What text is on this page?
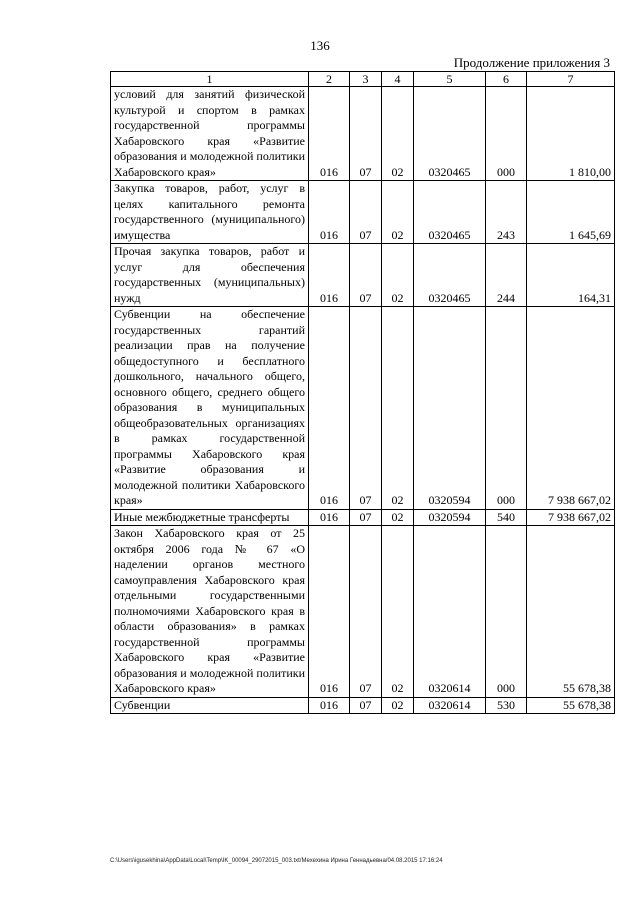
136
Продолжение приложения 3
1	2	3	4	5	6	7
условий для занятий физической культурой и спортом в рамках государственной программы Хабаровского края «Развитие образования и молодежной политики Хабаровского края»	016	07	02	0320465	000	1 810,00
Закупка товаров, работ, услуг в целях капитального ремонта государственного (муниципального) имущества	016	07	02	0320465	243	1 645,69
Прочая закупка товаров, работ и услуг для обеспечения государственных (муниципальных) нужд	016	07	02	0320465	244	164,31
Субвенции на обеспечение государственных гарантий реализации прав на получение общедоступного и бесплатного дошкольного, начального общего, основного общего, среднего общего образования в муниципальных общеобразовательных организациях в рамках государственной программы Хабаровского края «Развитие образования и молодежной политики Хабаровского края»	016	07	02	0320594	000	7 938 667,02
Иные межбюджетные трансферты	016	07	02	0320594	540	7 938 667,02
Закон Хабаровского края от 25 октября 2006 года № 67 «О наделении органов местного самоуправления Хабаровского края отдельными государственными полномочиями Хабаровского края в области образования» в рамках государственной программы Хабаровского края «Развитие образования и молодежной политики Хабаровского края»	016	07	02	0320614	000	55 678,38
Субвенции	016	07	02	0320614	530	55 678,38
C:\Users\igusekhina\AppData\Local\Temp\IK_00094_29072015_003.txt/Мехехина Ирина Геннадьевна/04.08.2015 17:16:24
